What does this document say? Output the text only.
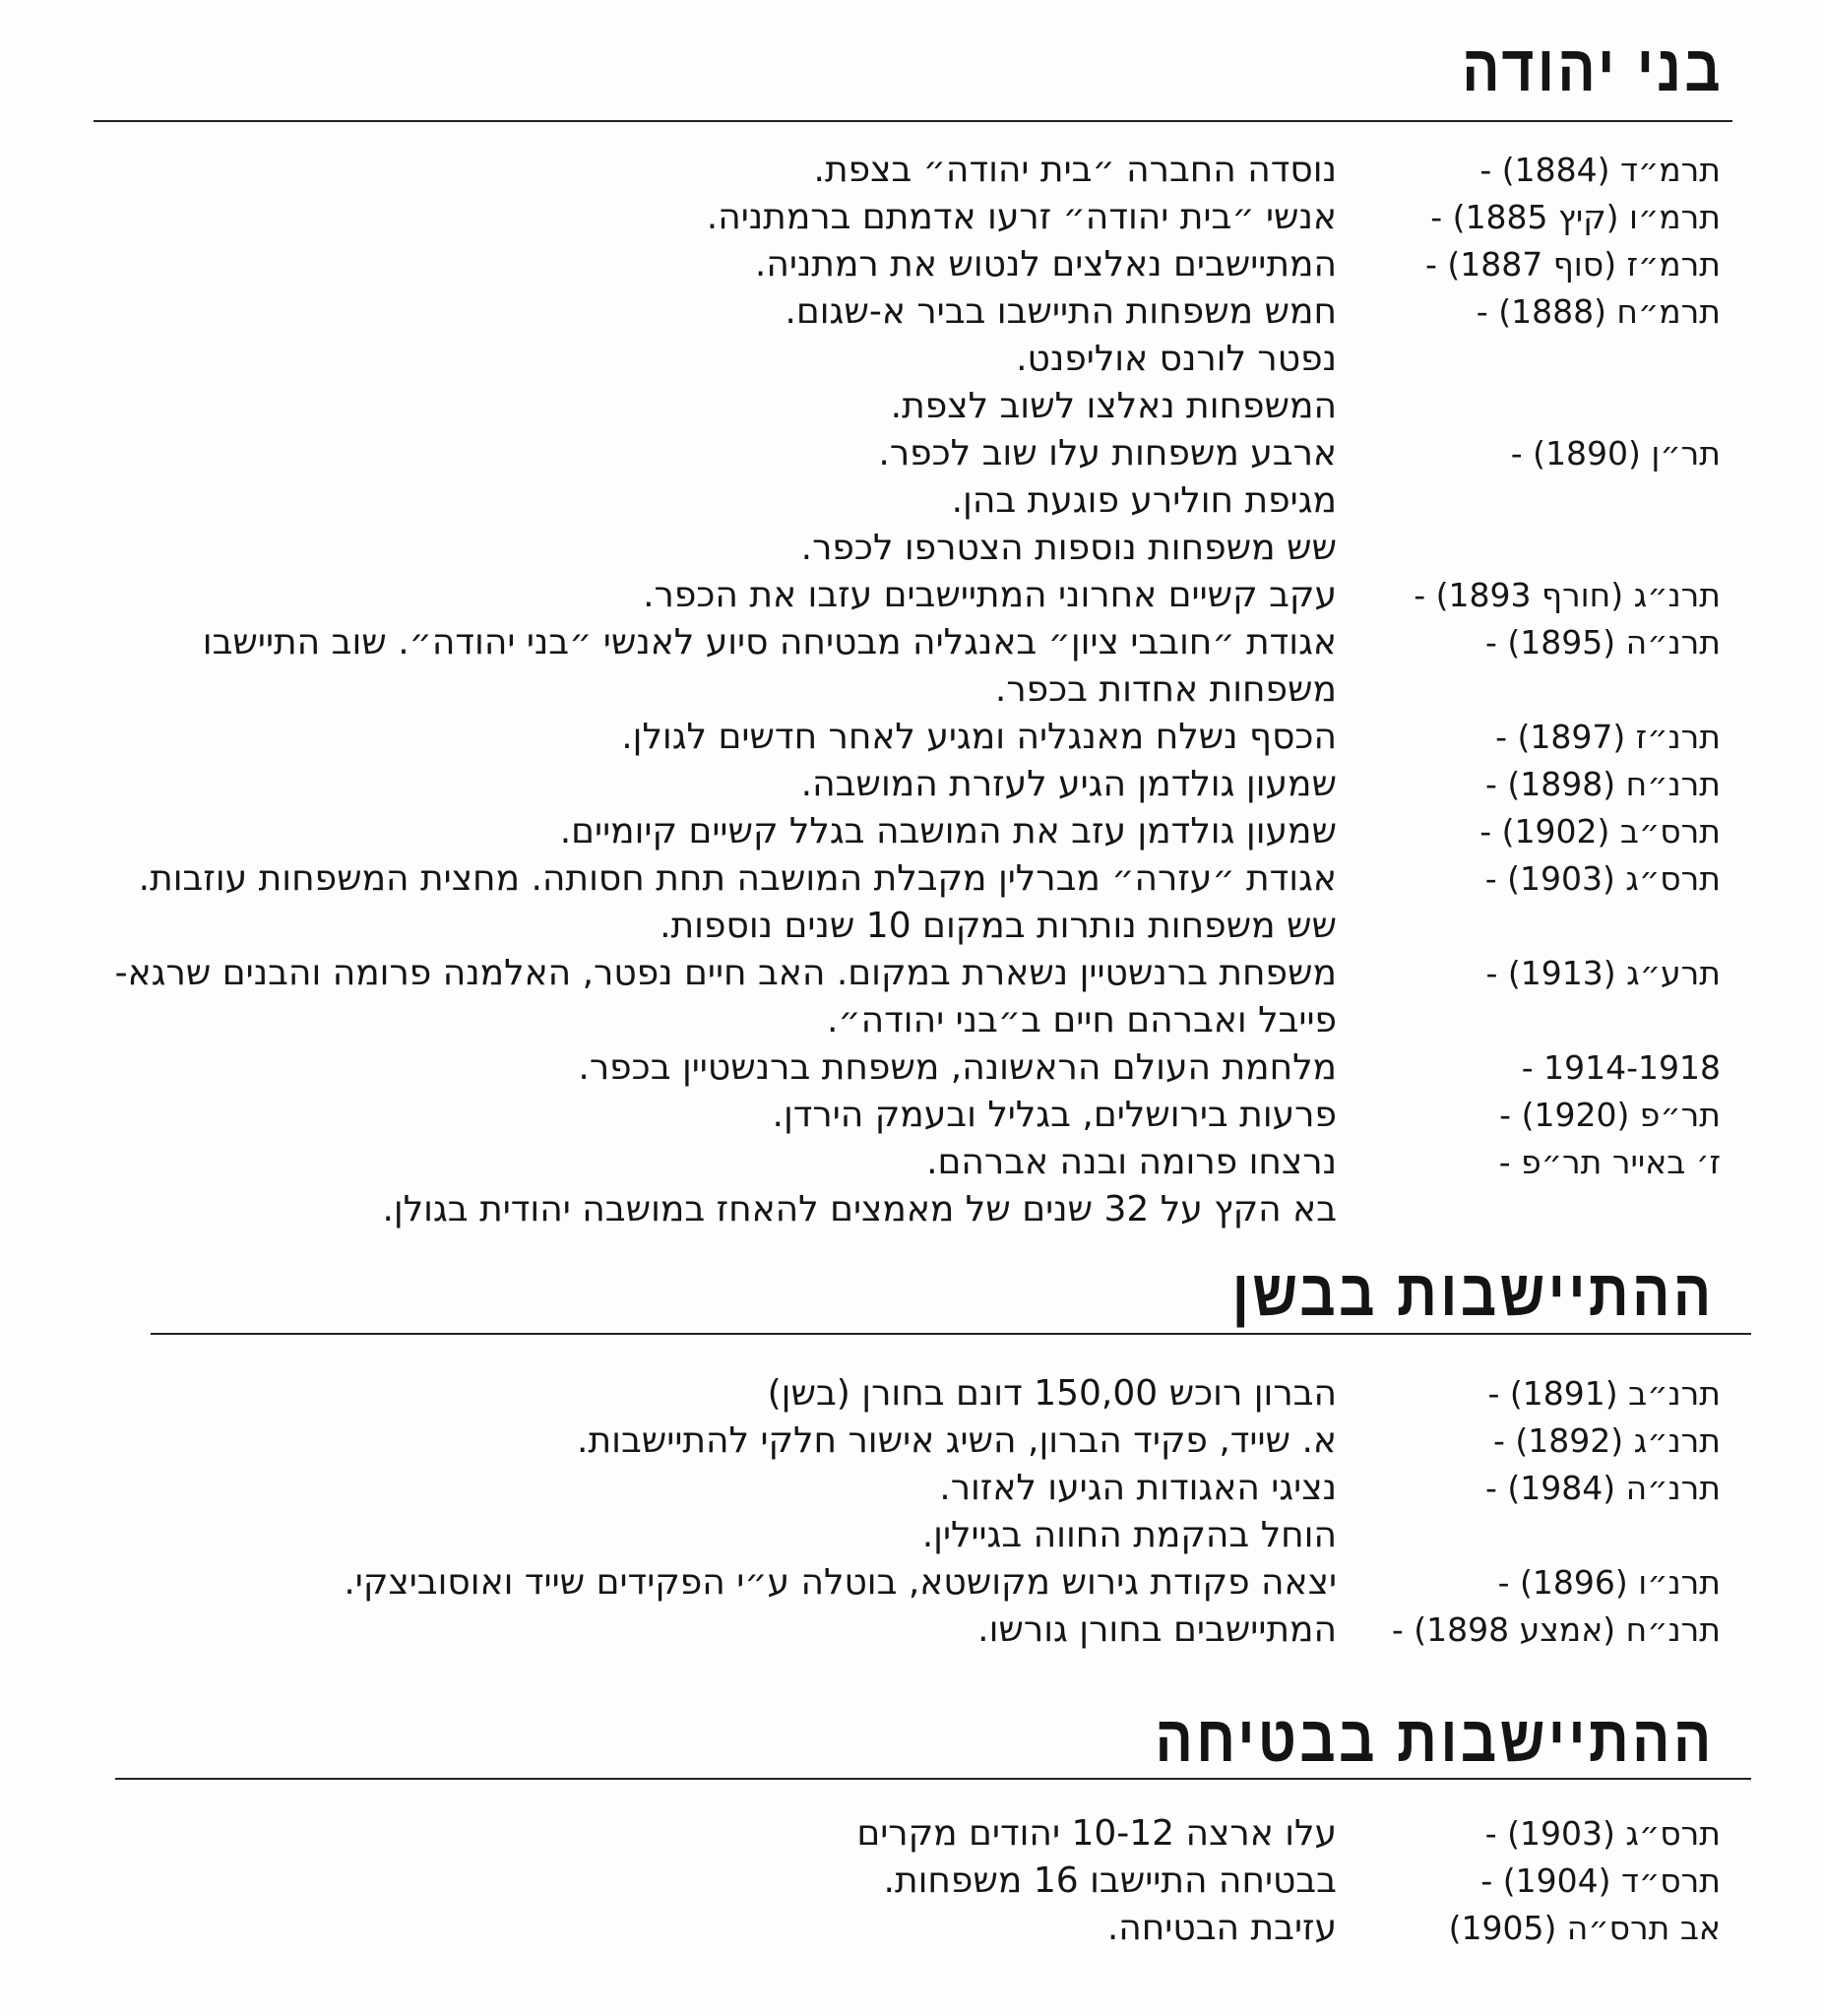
בני יהודה
תרמ״ד (1884) -
נוסדה החברה ״בית יהודה״ בצפת.
תרמ״ו (קיץ 1885) -
אנשי ״בית יהודה״ זרעו אדמתם ברמתניה.
תרמ״ז (סוף 1887) -
המתיישבים נאלצים לנטוש את רמתניה.
תרמ״ח (1888) -
חמש משפחות התיישבו בביר א-שגום.
נפטר לורנס אוליפנט.
המשפחות נאלצו לשוב לצפת.
תר״ן (1890) -
ארבע משפחות עלו שוב לכפר.
מגיפת חולירע פוגעת בהן.
שש משפחות נוספות הצטרפו לכפר.
תרנ״ג (חורף 1893) -
עקב קשיים אחרוני המתיישבים עזבו את הכפר.
תרנ״ה (1895) -
אגודת ״חובבי ציון״ באנגליה מבטיחה סיוע לאנשי ״בני יהודה״. שוב התיישבו
משפחות אחדות בכפר.
תרנ״ז (1897) -
הכסף נשלח מאנגליה ומגיע לאחר חדשים לגולן.
תרנ״ח (1898) -
שמעון גולדמן הגיע לעזרת המושבה.
תרס״ב (1902) -
שמעון גולדמן עזב את המושבה בגלל קשיים קיומיים.
תרס״ג (1903) -
אגודת ״עזרה״ מברלין מקבלת המושבה תחת חסותה. מחצית המשפחות עוזבות.
שש משפחות נותרות במקום 10 שנים נוספות.
תרע״ג (1913) -
משפחת ברנשטיין נשארת במקום. האב חיים נפטר, האלמנה פרומה והבנים שרגא-
פייבל ואברהם חיים ב״בני יהודה״.
1914-1918 -
מלחמת העולם הראשונה, משפחת ברנשטיין בכפר.
תר״פ (1920) -
פרעות בירושלים, בגליל ובעמק הירדן.
ז׳ באייר תר״פ -
נרצחו פרומה ובנה אברהם.
בא הקץ על 32 שנים של מאמצים להאחז במושבה יהודית בגולן.
ההתיישבות בבשן
תרנ״ב (1891) -
הברון רוכש 150,00 דונם בחורן (בשן)
תרנ״ג (1892) -
א. שייד, פקיד הברון, השיג אישור חלקי להתיישבות.
תרנ״ה (1984) -
נציגי האגודות הגיעו לאזור.
הוחל בהקמת החווה בגיילין.
תרנ״ו (1896) -
יצאה פקודת גירוש מקושטא, בוטלה ע״י הפקידים שייד ואוסוביצקי.
תרנ״ח (אמצע 1898) -
המתיישבים בחורן גורשו.
ההתיישבות בבטיחה
תרס״ג (1903) -
עלו ארצה 10-12 יהודים מקרים
תרס״ד (1904) -
בבטיחה התיישבו 16 משפחות.
אב תרס״ה (1905)
עזיבת הבטיחה.
